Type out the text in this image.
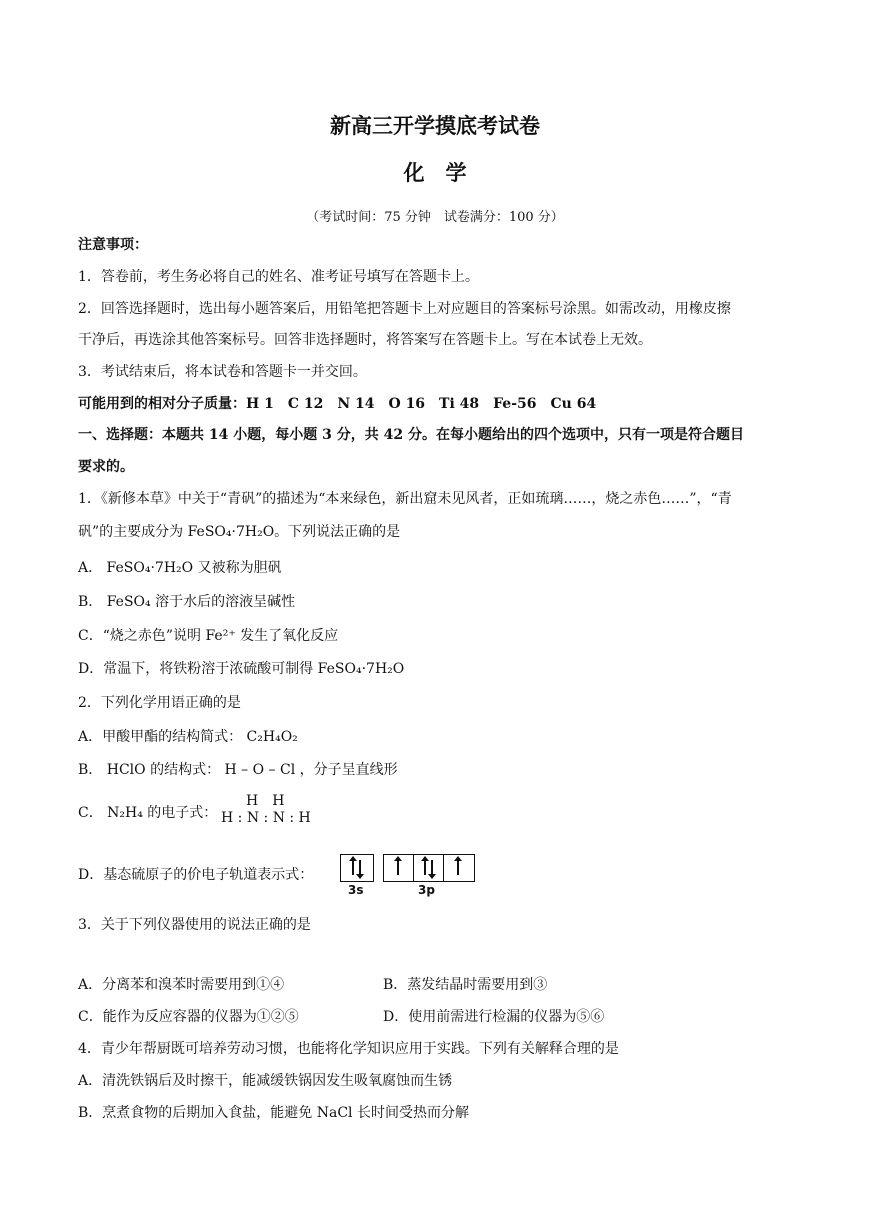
新高三开学摸底考试卷
化　学
（考试时间：75 分钟　试卷满分：100 分）
注意事项：
1．答卷前，考生务必将自己的姓名、准考证号填写在答题卡上。
2．回答选择题时，选出每小题答案后，用铅笔把答题卡上对应题目的答案标号涂黑。如需改动，用橡皮擦
干净后，再选涂其他答案标号。回答非选择题时，将答案写在答题卡上。写在本试卷上无效。
3．考试结束后，将本试卷和答题卡一并交回。
可能用到的相对分子质量：H 1　C 12　N 14　O 16　Ti 48　Fe-56　Cu 64
一、选择题：本题共 14 小题，每小题 3 分，共 42 分。在每小题给出的四个选项中，只有一项是符合题目
要求的。
1．《新修本草》中关于“青矾”的描述为“本来绿色，新出窟未见风者，正如琉璃……，烧之赤色……”，“青
矾”的主要成分为 FeSO₄·7H₂O。下列说法正确的是
A． FeSO₄·7H₂O 又被称为胆矾
B． FeSO₄ 溶于水后的溶液呈碱性
C．“烧之赤色”说明 Fe²⁺ 发生了氧化反应
D．常温下，将铁粉溶于浓硫酸可制得 FeSO₄·7H₂O
2．下列化学用语正确的是
A．甲酸甲酯的结构简式： C₂H₄O₂
B． HClO 的结构式： H – O – Cl ，分子呈直线形
C． N₂H₄ 的电子式：
H　H
H : N : N : H
D．基态硫原子的价电子轨道表示式：
3s	3p
3．关于下列仪器使用的说法正确的是
A．分离苯和溴苯时需要用到①④	B．蒸发结晶时需要用到③
C．能作为反应容器的仪器为①②⑤	D．使用前需进行检漏的仪器为⑤⑥
4．青少年帮厨既可培养劳动习惯，也能将化学知识应用于实践。下列有关解释合理的是
A．清洗铁锅后及时擦干，能减缓铁锅因发生吸氧腐蚀而生锈
B．烹煮食物的后期加入食盐，能避免 NaCl 长时间受热而分解
